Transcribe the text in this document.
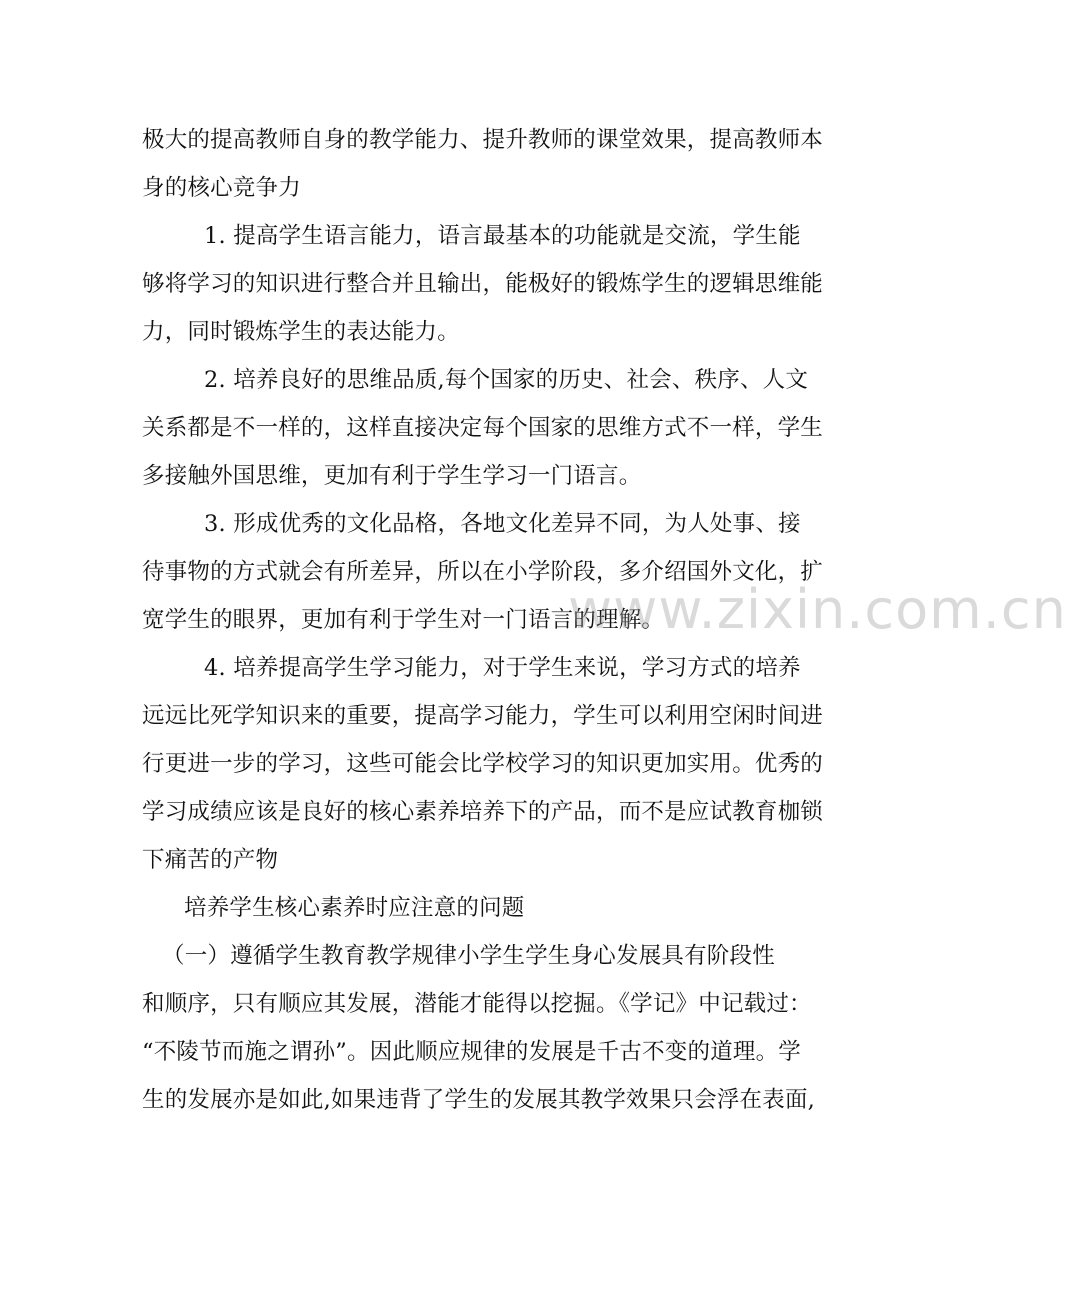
极大的提高教师自身的教学能力、提升教师的课堂效果，提高教师本
身的核心竞争力
1. 提高学生语言能力，语言最基本的功能就是交流，学生能
够将学习的知识进行整合并且输出，能极好的锻炼学生的逻辑思维能
力，同时锻炼学生的表达能力。
2. 培养良好的思维品质,每个国家的历史、社会、秩序、人文
关系都是不一样的，这样直接决定每个国家的思维方式不一样，学生
多接触外国思维，更加有利于学生学习一门语言。
3. 形成优秀的文化品格，各地文化差异不同，为人处事、接
待事物的方式就会有所差异，所以在小学阶段，多介绍国外文化，扩
宽学生的眼界，更加有利于学生对一门语言的理解。
4. 培养提高学生学习能力，对于学生来说，学习方式的培养
远远比死学知识来的重要，提高学习能力，学生可以利用空闲时间进
行更进一步的学习，这些可能会比学校学习的知识更加实用。优秀的
学习成绩应该是良好的核心素养培养下的产品，而不是应试教育枷锁
下痛苦的产物
培养学生核心素养时应注意的问题
（一）遵循学生教育教学规律小学生学生身心发展具有阶段性
和顺序，只有顺应其发展，潜能才能得以挖掘。《学记》中记载过：
“不陵节而施之谓孙”。因此顺应规律的发展是千古不变的道理。学
生的发展亦是如此,如果违背了学生的发展其教学效果只会浮在表面,
www.zixin.com.cn
